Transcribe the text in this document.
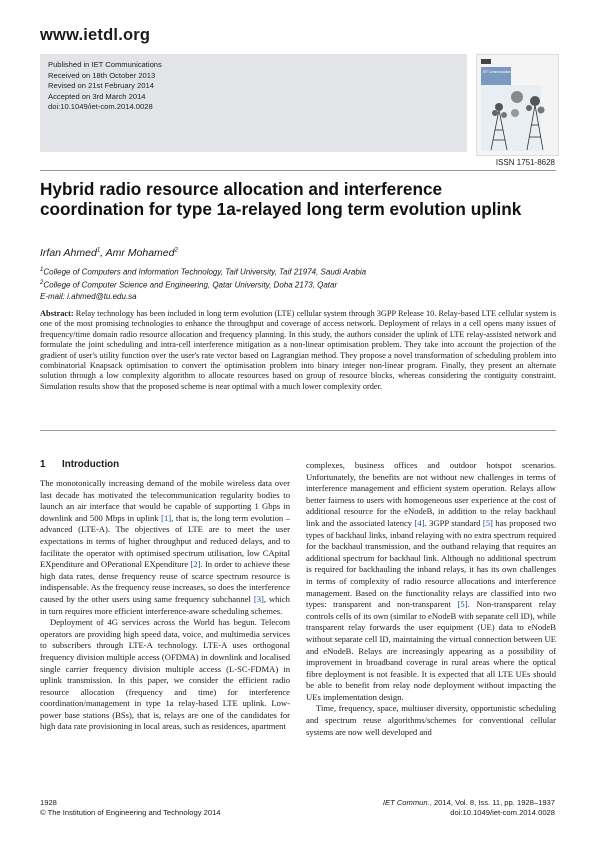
www.ietdl.org
Published in IET Communications
Received on 18th October 2013
Revised on 21st February 2014
Accepted on 3rd March 2014
doi:10.1049/iet-com.2014.0028
IET Communications
ISSN 1751-8628
Hybrid radio resource allocation and interference coordination for type 1a-relayed long term evolution uplink
Irfan Ahmed$^1$, Amr Mohamed$^2$
$^1$College of Computers and Information Technology, Taif University, Taif 21974, Saudi Arabia
$^2$College of Computer Science and Engineering, Qatar University, Doha 2173, Qatar
E-mail: i.ahmed@tu.edu.sa
Abstract: Relay technology has been included in long term evolution (LTE) cellular system through 3GPP Release 10. Relay-based LTE cellular system is one of the most promising technologies to enhance the throughput and coverage of access network. Deployment of relays in a cell opens many issues of frequency/time domain radio resource allocation and frequency planning. In this study, the authors consider the uplink of LTE relay-assisted network and formulate the joint scheduling and intra-cell interference mitigation as a non-linear optimisation problem. They take into account the projection of the gradient of user's utility function over the user's rate vector based on Lagrangian method. They propose a novel transformation of scheduling problem into combinatorial Knapsack optimisation to convert the optimisation problem into binary integer non-linear program. Finally, they present an alternate solution through a low complexity algorithm to allocate resources based on group of resource blocks, whereas considering the contiguity constraint. Simulation results show that the proposed scheme is near optimal with a much lower complexity order.
1 Introduction

The monotonically increasing demand of the mobile wireless data over last decade has motivated the telecommunication regularity bodies to launch an air interface that would be capable of supporting 1 Gbps in downlink and 500 Mbps in uplink [1], that is, the long term evolution – advanced (LTE-A). The objectives of LTE are to meet the user expectations in terms of higher throughput and reduced delays, and to facilitate the operator with optimised spectrum utilisation, low CApital EXpenditure and OPerational EXpenditure [2]. In order to achieve these high data rates, dense frequency reuse of scarce spectrum resource is indispensable. As the frequency reuse increases, so does the interference caused by the other users using same frequency subchannel [3], which in turn requires more efficient interference-aware scheduling schemes.

Deployment of 4G services across the World has begun. Telecom operators are providing high speed data, voice, and multimedia services to subscribers through LTE-A technology. LTE-A uses orthogonal frequency division multiple access (OFDMA) in downlink and localised single carrier frequency division multiple access (L-SC-FDMA) in uplink transmission. In this paper, we consider the efficient radio resource allocation (frequency and time) for interference coordination/management in type 1a relay-based LTE uplink. Low-power base stations (BSs), that is, relays are one of the candidates for high data rate provisioning in local areas, such as residences, apartment

complexes, business offices and outdoor hotspot scenarios. Unfortunately, the benefits are not without new challenges in terms of interference management and efficient system operation. Relays allow better fairness to users with homogeneous user experience at the cost of additional resource for the eNodeB, in addition to the relay backhaul link and the associated latency [4]. 3GPP standard [5] has proposed two types of backhaul links, inband relaying with no extra spectrum required for the backhaul transmission, and the outband relaying that requires an additional spectrum for backhaul link. Although no additional spectrum is required for backhauling the inband relays, it has its own challenges in terms of complexity of radio resource allocations and interference management. Based on the functionality relays are classified into two types: transparent and non-transparent [5]. Non-transparent relay controls cells of its own (similar to eNodeB with separate cell ID), while transparent relay forwards the user equipment (UE) data to eNodeB without separate cell ID, maintaining the virtual connection between UE and eNodeB. Relays are increasingly appearing as a possibility of improvement in broadband coverage in rural areas where the optical fibre deployment is not feasible. It is expected that all LTE UEs should be able to benefit from relay node deployment without impacting the UEs implementation design.

Time, frequency, space, multiuser diversity, opportunistic scheduling and spectrum reuse algorithms/schemes for conventional cellular systems are now well developed and

1928
© The Institution of Engineering and Technology 2014
IET Commun., 2014, Vol. 8, Iss. 11, pp. 1928–1937
doi:10.1049/iet-com.2014.0028
